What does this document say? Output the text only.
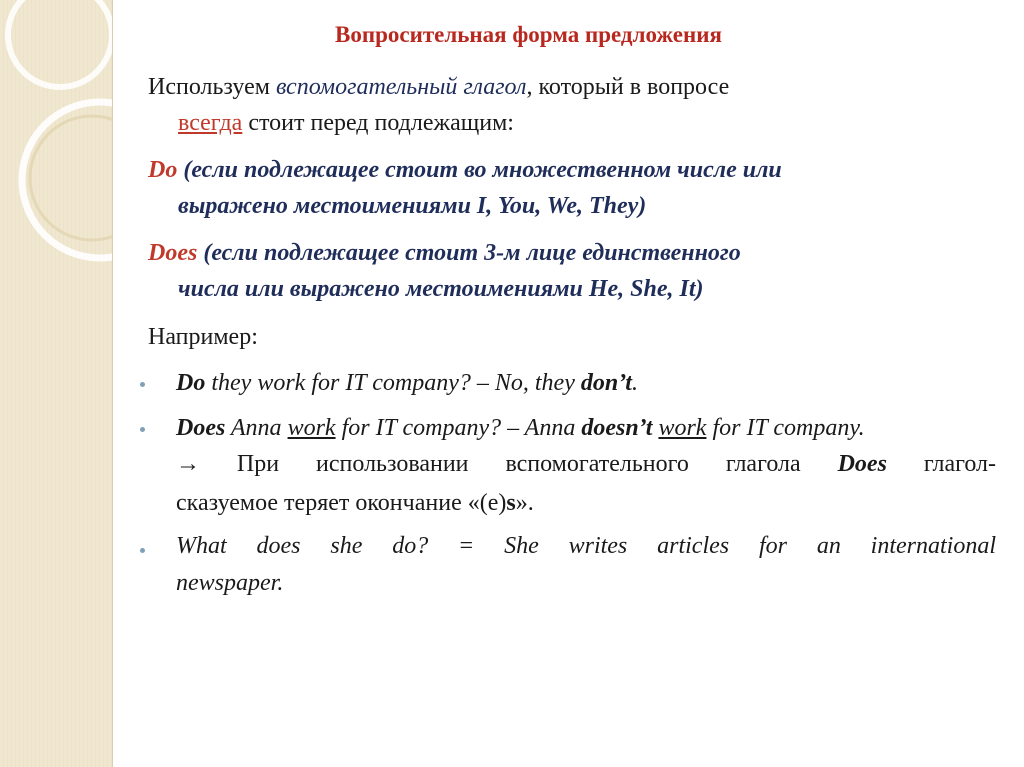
Вопросительная форма предложения
Используем вспомогательный глагол, который в вопросе
всегда стоит перед подлежащим:
Do (если подлежащее стоит во множественном числе или
выражено местоимениями I, You, We, They)
Does (если подлежащее стоит 3-м лице единственного
числа или выражено местоимениями He, She, It)
Например:
Do they work for IT company? – No, they don’t.
Does Anna work for IT company? – Anna doesn’t work for IT company.
→ При использовании вспомогательного глагола Does глагол-
сказуемое теряет окончание «(e)s».
What does she do? = She writes articles for an international
newspaper.
